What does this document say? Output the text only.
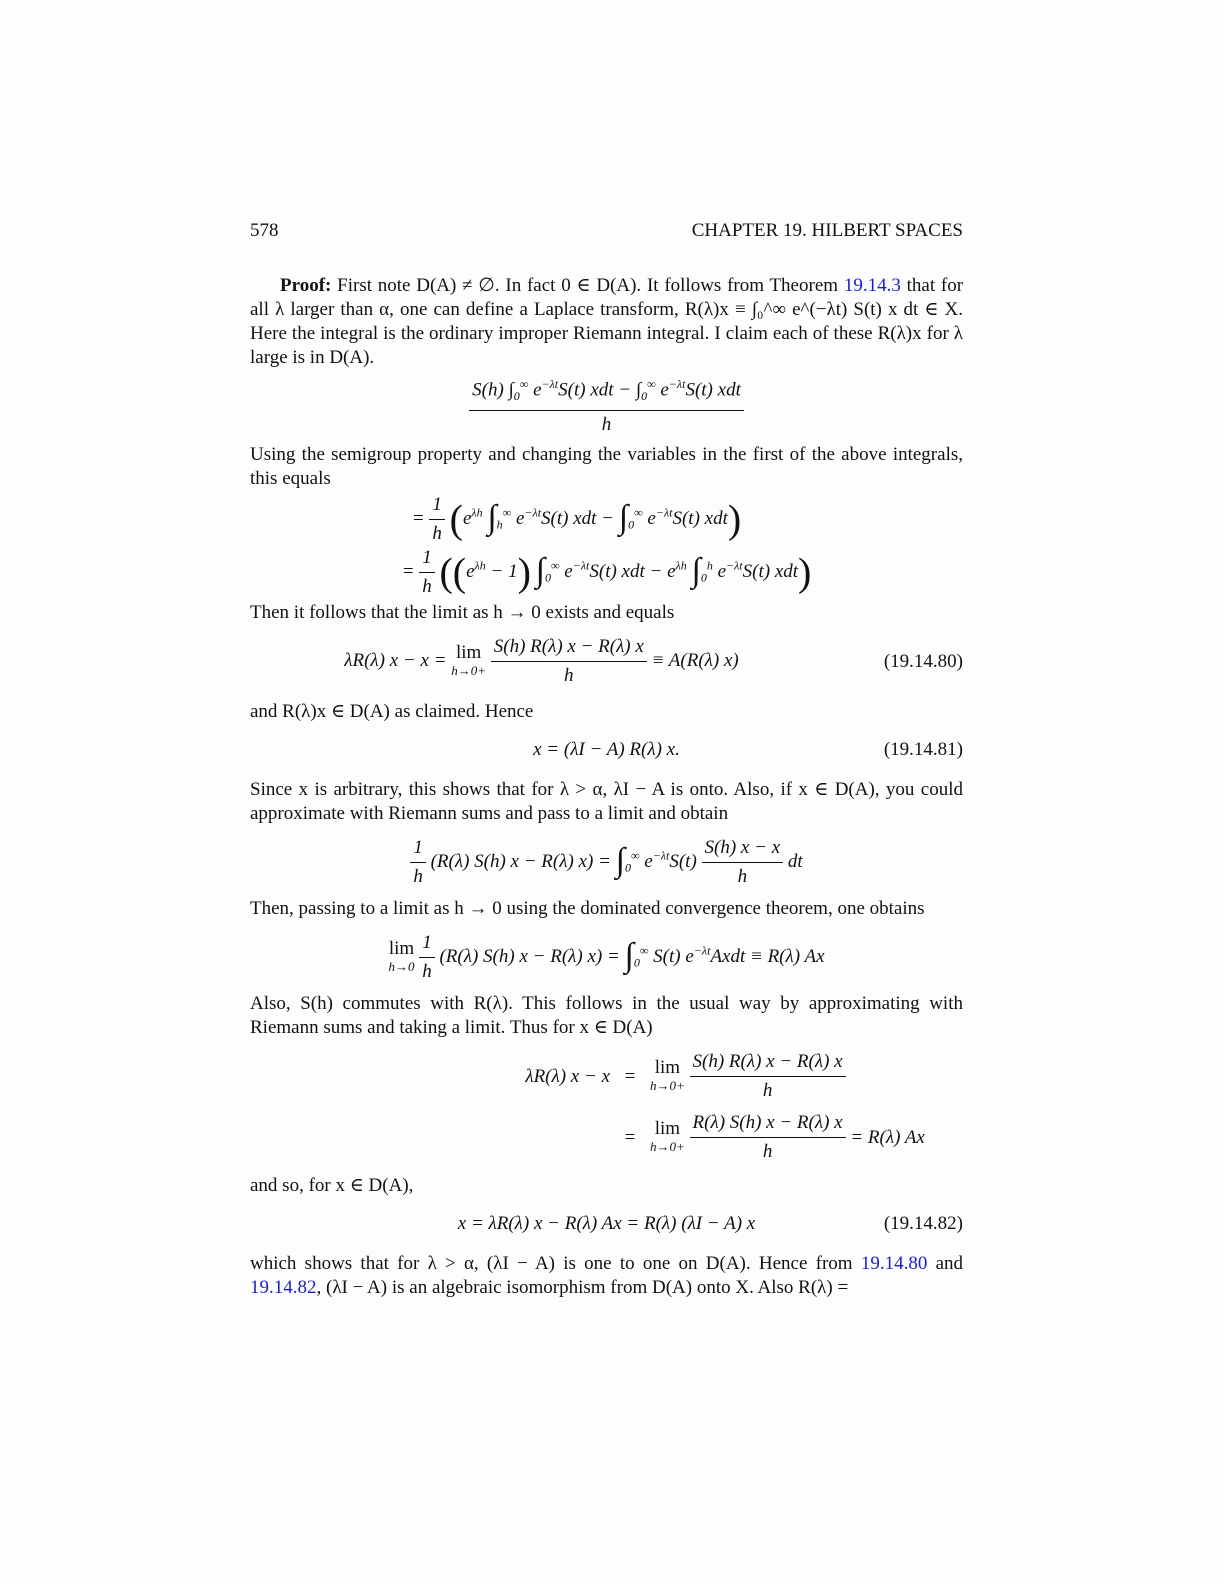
578	CHAPTER 19. HILBERT SPACES

Proof: First note D(A) ≠ ∅. In fact 0 ∈ D(A). It follows from Theorem 19.14.3 that for all λ larger than α, one can define a Laplace transform, R(λ)x ≡ ∫₀^∞ e^(−λt) S(t) x dt ∈ X. Here the integral is the ordinary improper Riemann integral. I claim each of these R(λ)x for λ large is in D(A).

$\frac{S(h) \int_0^\infty e^{-\lambda t}S(t) xdt - \int_0^\infty e^{-\lambda t}S(t) xdt}{h}$

Using the semigroup property and changing the variables in the first of the above integrals, this equals

= $\frac{1}{h} (e^{\lambda h}$ $\int_h^\infty$ $e^{-\lambda t}S(t)$ xdt − $\int_0^\infty$ $e^{-\lambda t}S(t)$ xdt)
= $\frac{1}{h} ((e^{\lambda h} - 1)$ $\int_0^\infty$ $e^{-\lambda t}S(t)$ xdt − $e^{\lambda h}$ $\int_0^h$ $e^{-\lambda t}S(t)$ xdt)

Then it follows that the limit as h → 0 exists and equals

λR(λ) x − x = lim
h→0+
$\frac{S(h) R(\lambda) x - R(\lambda) x}{h} \equiv A(R(\lambda)$ x)	(19.14.80)

and R(λ)x ∈ D(A) as claimed. Hence

x = (λI − A) R(λ) x.	(19.14.81)

Since x is arbitrary, this shows that for λ > α, λI − A is onto. Also, if x ∈ D(A), you could approximate with Riemann sums and pass to a limit and obtain

$\frac{1}{h} (R(\lambda)$ S(h) x − R(λ) $x) = \int_0^\infty$ $e^{-\lambda t}S(t) \frac{S(h) x - x}{h}$ dt

Then, passing to a limit as h → 0 using the dominated convergence theorem, one obtains

lim
h→0
$\frac{1}{h} (R(\lambda)$ S(h) x − R(λ) $x) = \int_0^\infty$ S(t) $e^{-\lambda t}Axdt \equiv R(\lambda)$ Ax

Also, S(h) commutes with R(λ). This follows in the usual way by approximating with Riemann sums and taking a limit. Thus for x ∈ D(A)

λR(λ) x − x =	lim
h→0+
$\frac{S(h) R(\lambda) x - R(\lambda) x}{h}$
=	lim
h→0+
$\frac{R(\lambda) S(h) x - R(\lambda) x}{h} = R(\lambda)$ Ax

and so, for x ∈ D(A),

x = λR(λ) x − R(λ) Ax = R(λ) (λI − A) x	(19.14.82)

which shows that for λ > α, (λI − A) is one to one on D(A). Hence from 19.14.80 and 19.14.82, (λI − A) is an algebraic isomorphism from D(A) onto X. Also R(λ) =
